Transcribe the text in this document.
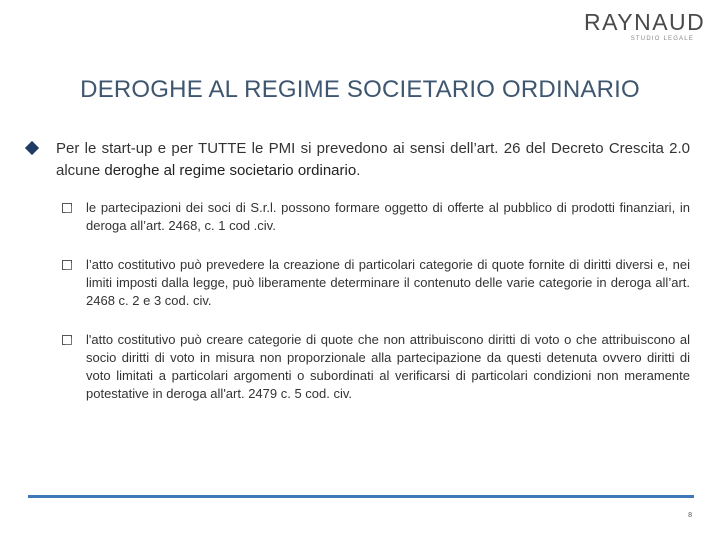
RAYNAUD
STUDIO LEGALE
DEROGHE AL REGIME SOCIETARIO ORDINARIO
Per le start-up e per TUTTE le PMI si prevedono ai sensi dell’art. 26 del Decreto Crescita 2.0 alcune deroghe al regime societario ordinario.
le partecipazioni dei soci di S.r.l. possono formare oggetto di offerte al pubblico di prodotti finanziari, in deroga all’art. 2468, c. 1 cod .civ.
l’atto costitutivo può prevedere la creazione di particolari categorie di quote fornite di diritti diversi e, nei limiti imposti dalla legge, può liberamente determinare il contenuto delle varie categorie in deroga all’art. 2468 c. 2 e 3 cod. civ.
l'atto costitutivo può creare categorie di quote che non attribuiscono diritti di voto o che attribuiscono al socio diritti di voto in misura non proporzionale alla partecipazione da questi detenuta ovvero diritti di voto limitati a particolari argomenti o subordinati al verificarsi di particolari condizioni non meramente potestative in deroga all'art. 2479 c. 5 cod. civ.
8
